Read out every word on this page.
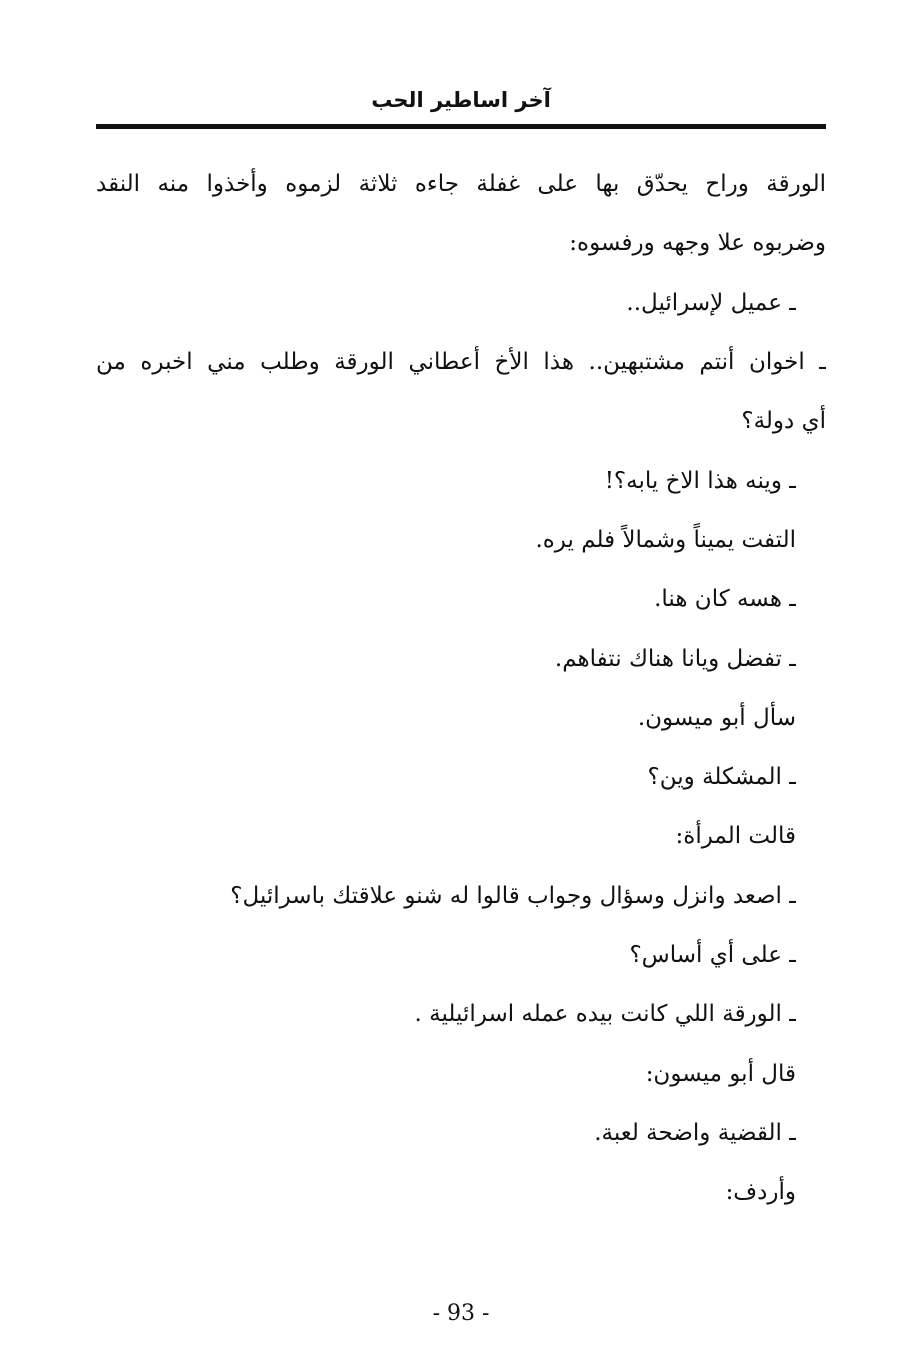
آخر اساطير الحب
الورقة وراح يحدّق بها على غفلة جاءه ثلاثة لزموه وأخذوا منه النقد
وضربوه علا وجهه ورفسوه:
ـ عميل لإسرائيل..
ـ اخوان أنتم مشتبهين.. هذا الأخ أعطاني الورقة وطلب مني اخبره من
أي دولة؟
ـ وينه هذا الاخ يابه؟!
التفت يميناً وشمالاً فلم يره.
ـ هسه كان هنا.
ـ تفضل ويانا هناك نتفاهم.
سأل أبو ميسون.
ـ المشكلة وين؟
قالت المرأة:
ـ اصعد وانزل وسؤال وجواب قالوا له شنو علاقتك باسرائيل؟
ـ على أي أساس؟
ـ الورقة اللي كانت بيده عمله اسرائيلية .
قال أبو ميسون:
ـ القضية واضحة لعبة.
وأردف:
- 93 -
